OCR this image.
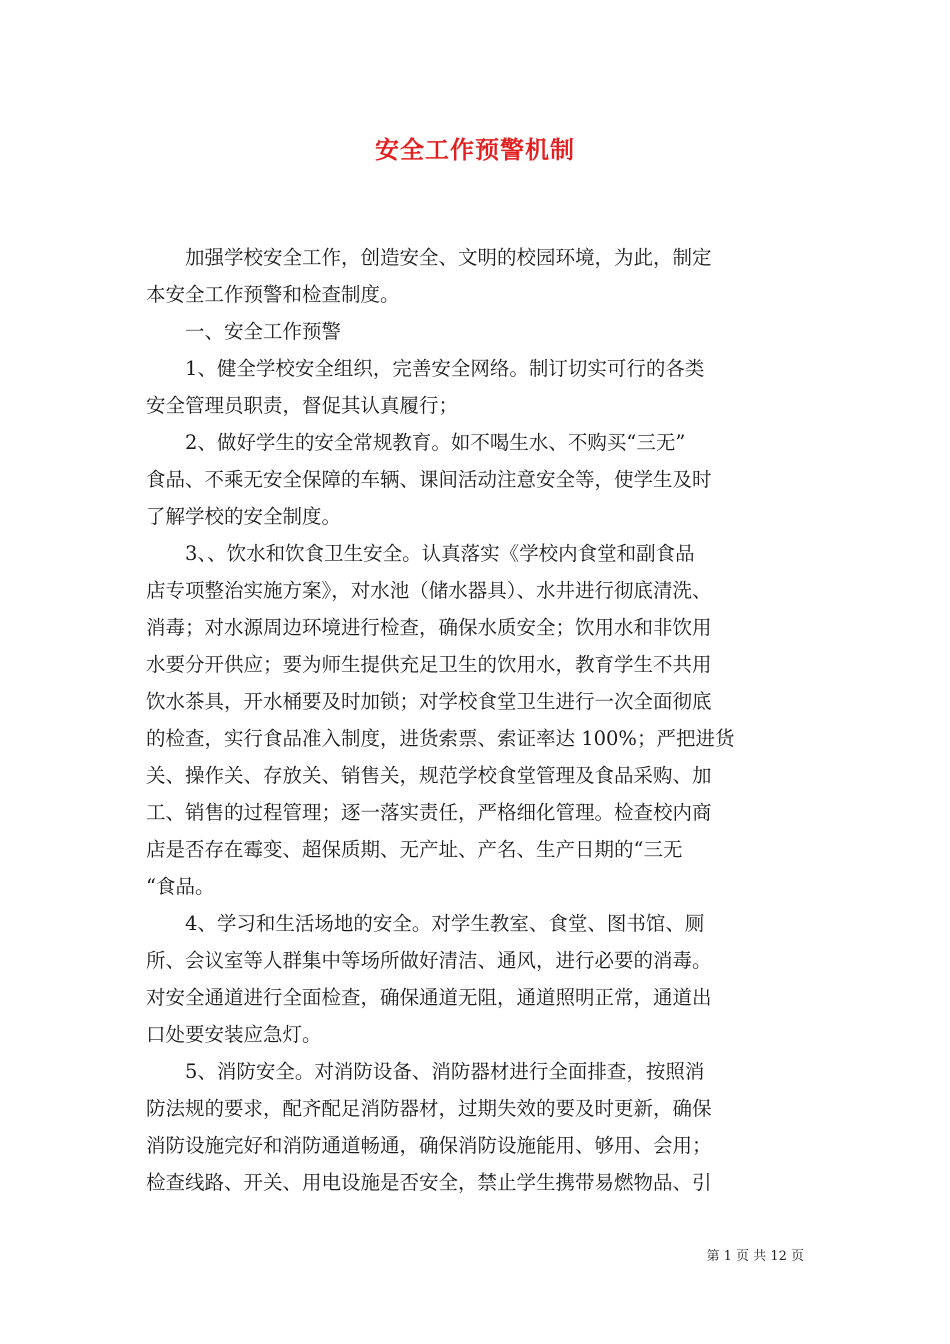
安全工作预警机制

　　加强学校安全工作，创造安全、文明的校园环境，为此，制定

本安全工作预警和检查制度。

　　一、安全工作预警

　　1、健全学校安全组织，完善安全网络。制订切实可行的各类

安全管理员职责，督促其认真履行；

　　2、做好学生的安全常规教育。如不喝生水、不购买“三无”

食品、不乘无安全保障的车辆、课间活动注意安全等，使学生及时

了解学校的安全制度。

　　3、、饮水和饮食卫生安全。认真落实《学校内食堂和副食品

店专项整治实施方案》，对水池（储水器具）、水井进行彻底清洗、

消毒；对水源周边环境进行检查，确保水质安全；饮用水和非饮用

水要分开供应；要为师生提供充足卫生的饮用水，教育学生不共用

饮水茶具，开水桶要及时加锁；对学校食堂卫生进行一次全面彻底

的检查，实行食品准入制度，进货索票、索证率达 100%；严把进货

关、操作关、存放关、销售关，规范学校食堂管理及食品采购、加

工、销售的过程管理；逐一落实责任，严格细化管理。检查校内商

店是否存在霉变、超保质期、无产址、产名、生产日期的“三无

“食品。

　　4、学习和生活场地的安全。对学生教室、食堂、图书馆、厕

所、会议室等人群集中等场所做好清洁、通风，进行必要的消毒。

对安全通道进行全面检查，确保通道无阻，通道照明正常，通道出

口处要安装应急灯。

　　5、消防安全。对消防设备、消防器材进行全面排查，按照消

防法规的要求，配齐配足消防器材，过期失效的要及时更新，确保

消防设施完好和消防通道畅通，确保消防设施能用、够用、会用；

检查线路、开关、用电设施是否安全，禁止学生携带易燃物品、引

第 1 页 共 12 页
